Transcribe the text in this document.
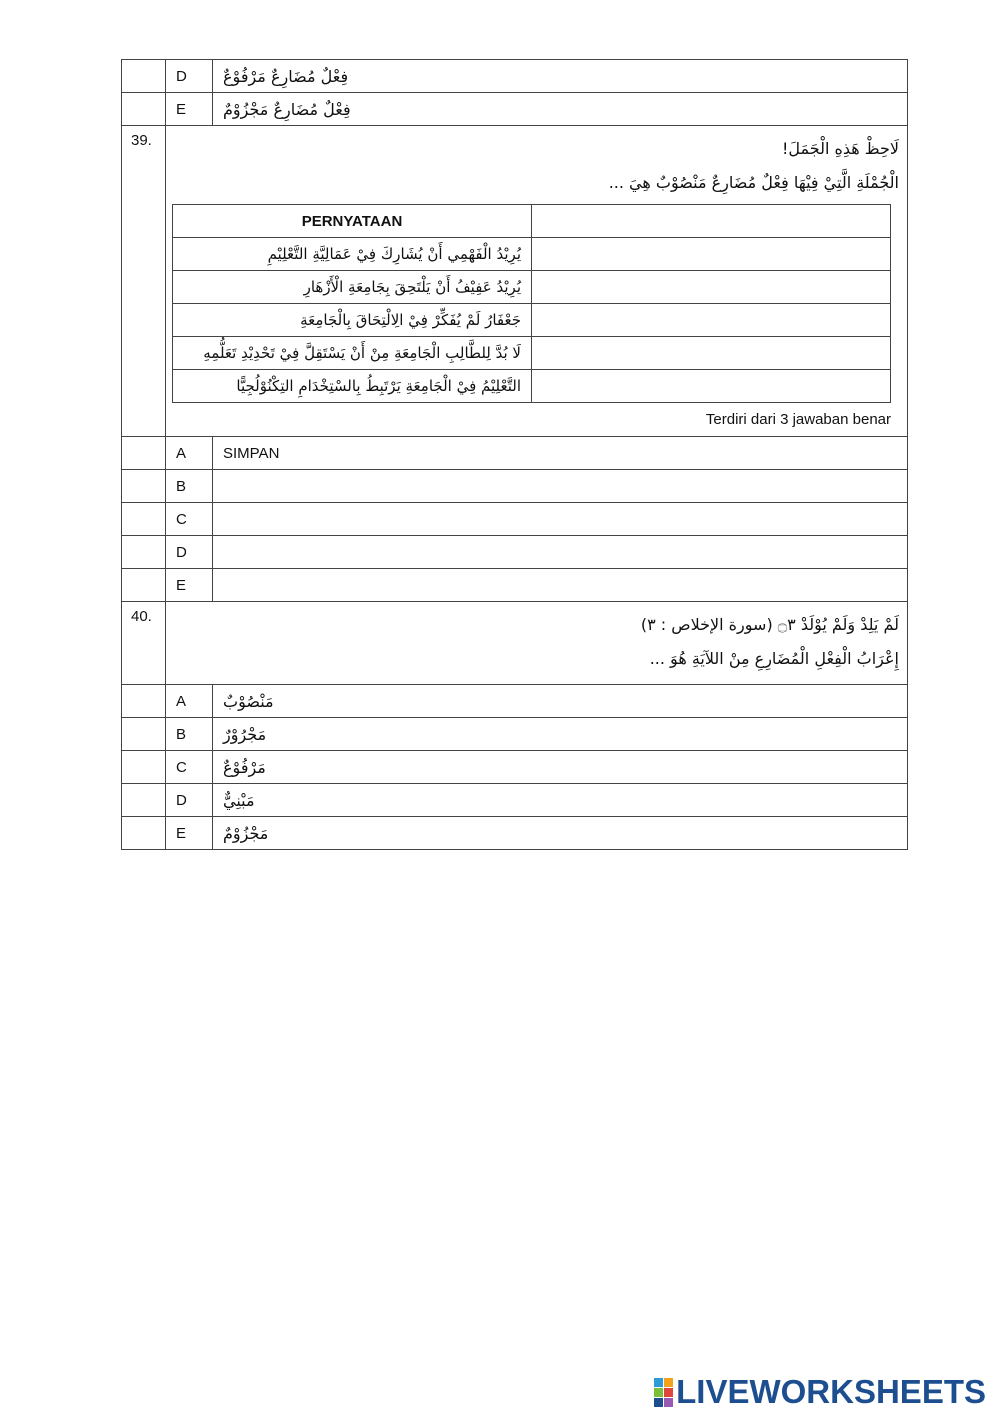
	D	فِعْلٌ مُضَارِعٌ مَرْفُوْعٌ
	E	فِعْلٌ مُضَارِعٌ مَجْزُوْمٌ
39.	لَاحِظْ هَذِهِ الْجَمَلَ!
الْجُمْلَةِ الَّتِيْ فِيْهَا فِعْلٌ مُضَارِعٌ مَنْصُوْبٌ هِيَ ...
PERNYATAAN	
يُرِيْدُ الْفَهْمِي أَنْ يُشَارِكَ فِيْ عَمَالِيَّةِ التَّعْلِيْمِ	
يُرِيْدُ عَفِيْفُ أَنْ يَلْتَحِقَ بِجَامِعَةِ الْأَزْهَارِ	
جَعْفَارُ لَمْ يُفَكِّرْ فِيْ الِالْتِحَاقَ بِالْجَامِعَةِ	
لَا بُدَّ لِلطَّالِبِ الْجَامِعَةِ مِنْ أَنْ يَسْتَقِلَّ فِيْ تَحْدِيْدِ تَعَلُّمِهِ	
التَّعْلِيْمُ فِيْ الْجَامِعَةِ يَرْتَبِطُ بِالسْتِخْدَامِ التِكْنُوْلُجِيًّا	
Terdiri dari 3 jawaban benar

	A	SIMPAN
	B	
	C	
	D	
	E	
40.	لَمْ يَلِدْ وَلَمْ يُوْلَدْ ۝٣ (سورة الإخلاص : ٣)
إِعْرَابُ الْفِعْلِ الْمُضَارِعِ مِنْ اللآيَةِ هُوَ ...

	A	مَنْصُوْبٌ
	B	مَجْرُوْرٌ
	C	مَرْفُوْعٌ
	D	مَبْنِيٌّ
	E	مَجْزُوْمٌ
LIVEWORKSHEETS
